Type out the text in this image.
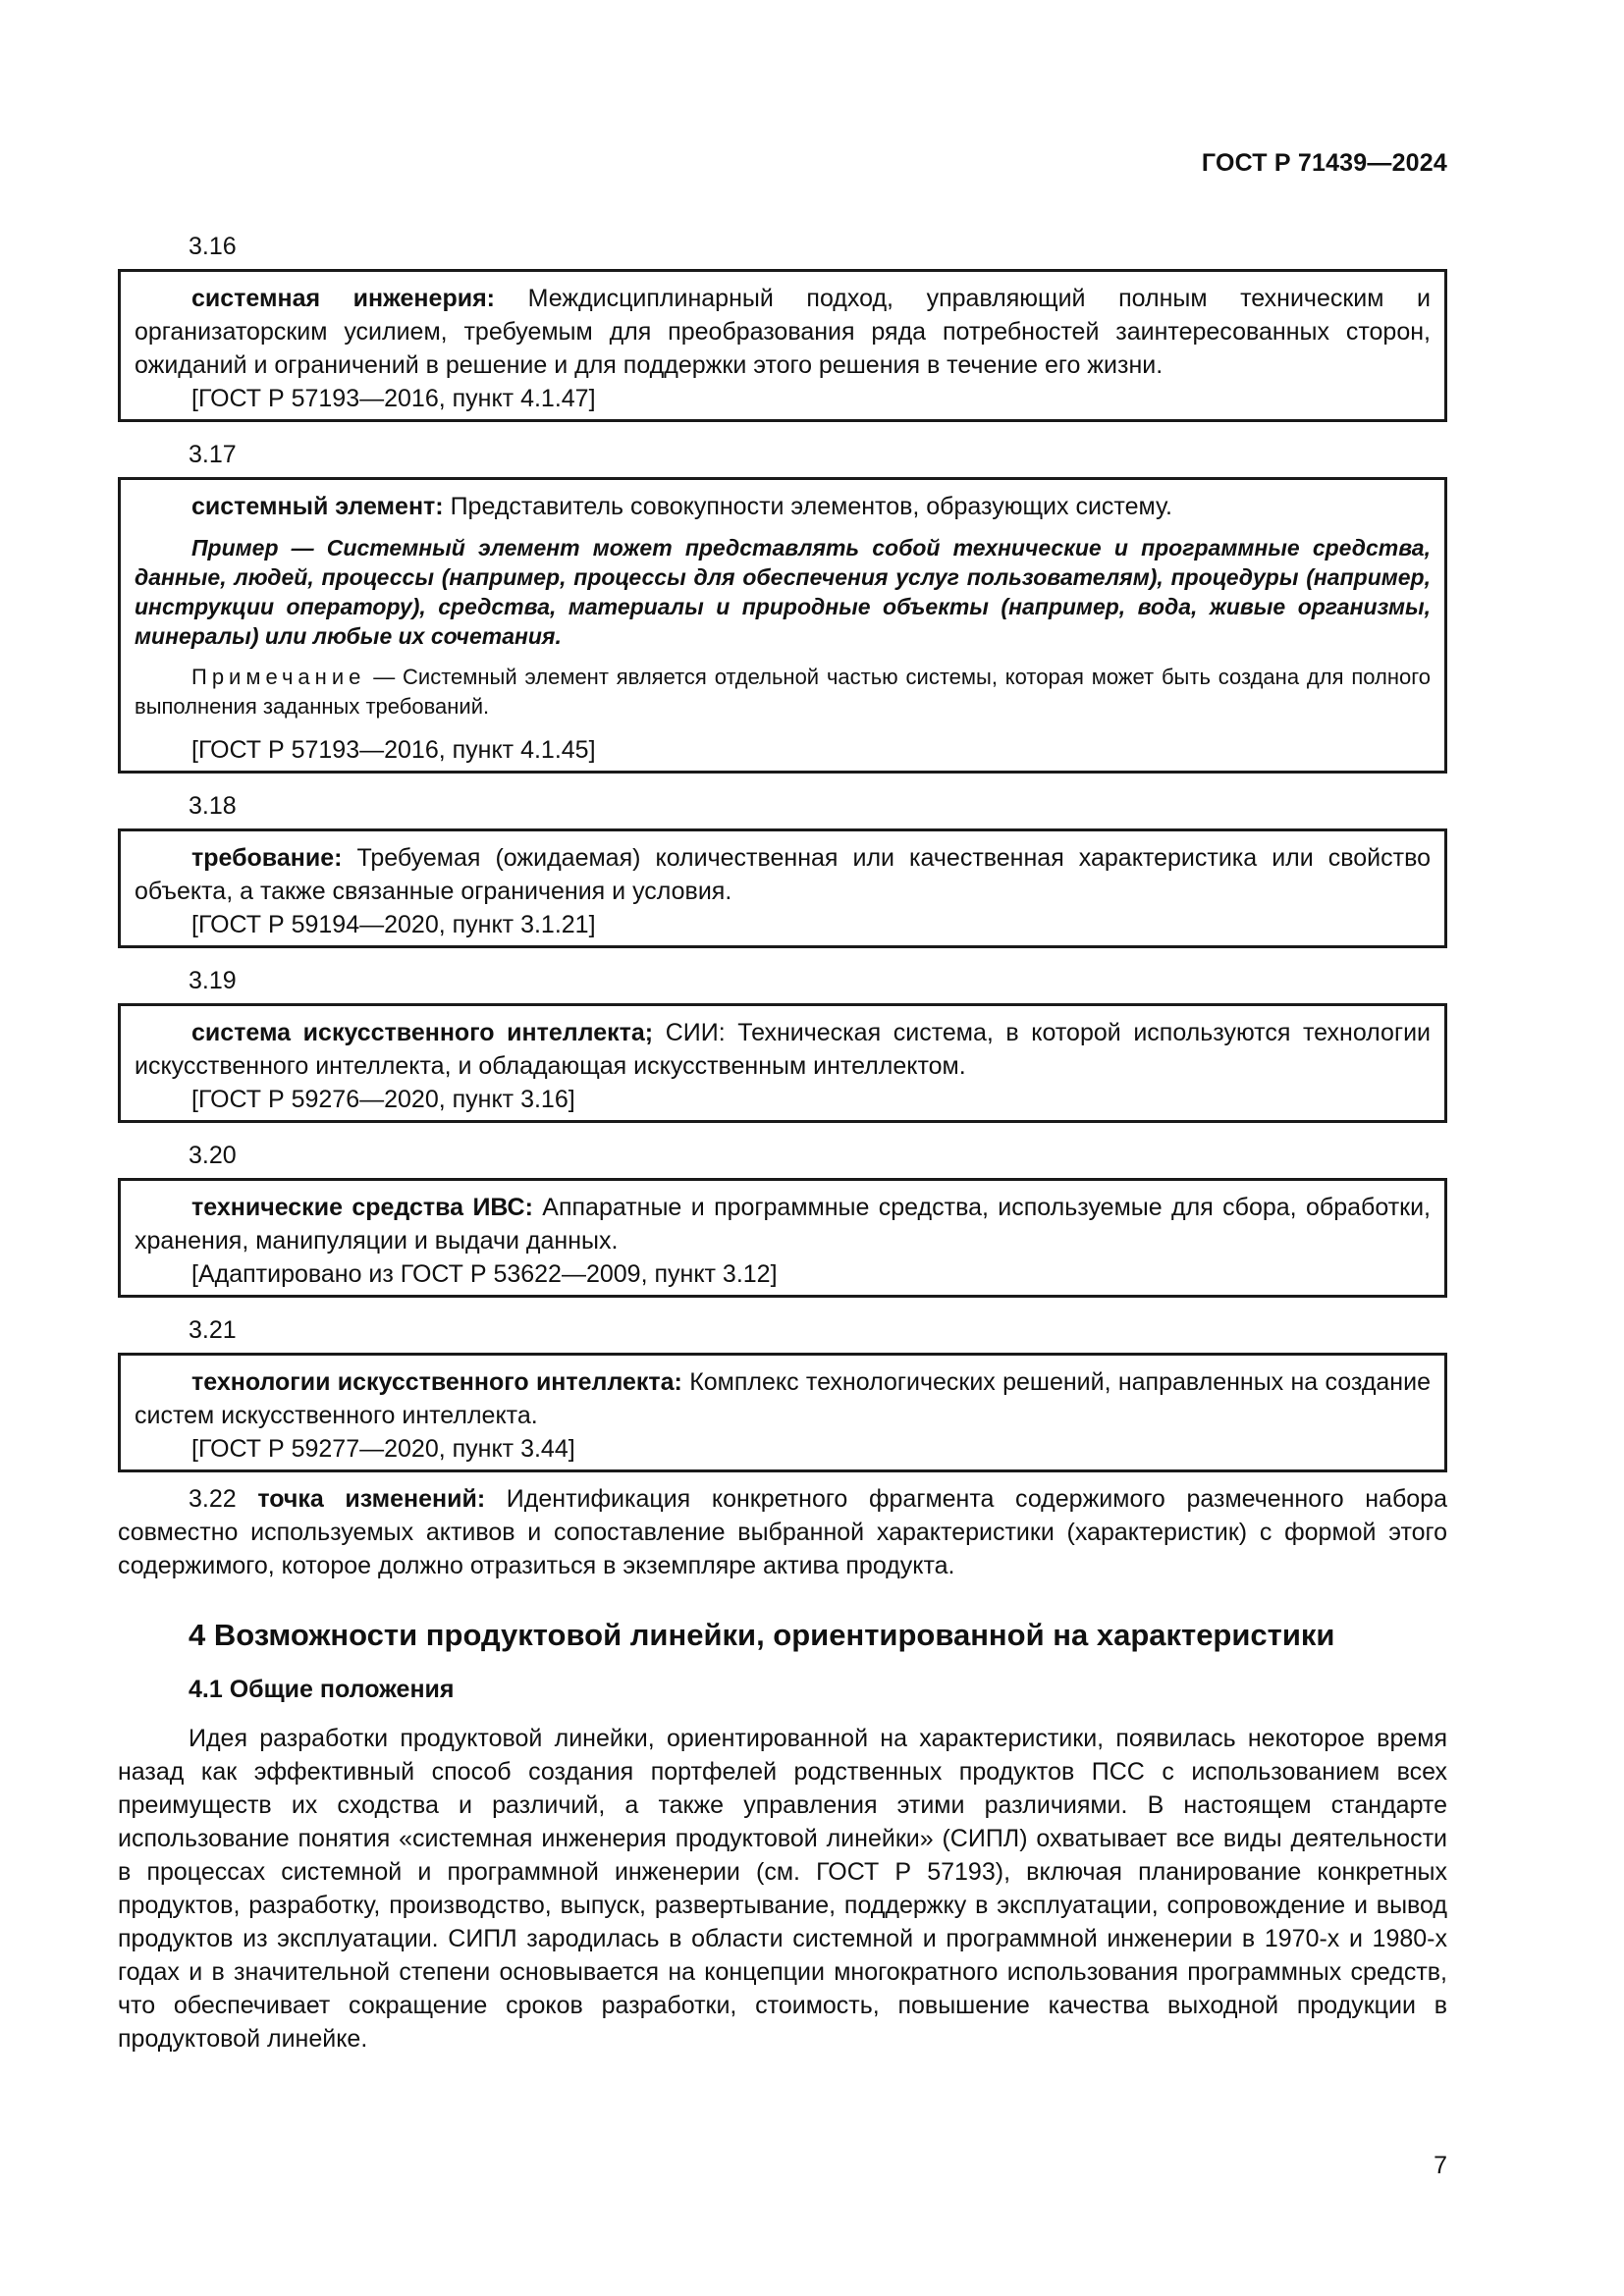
ГОСТ Р 71439—2024
3.16

системная инженерия: Междисциплинарный подход, управляющий полным техническим и организаторским усилием, требуемым для преобразования ряда потребностей заинтересованных сторон, ожиданий и ограничений в решение и для поддержки этого решения в течение его жизни.

[ГОСТ Р 57193—2016, пункт 4.1.47]

3.17

системный элемент: Представитель совокупности элементов, образующих систему.

Пример — Системный элемент может представлять собой технические и программные средства, данные, людей, процессы (например, процессы для обеспечения услуг пользователям), процедуры (например, инструкции оператору), средства, материалы и природные объекты (например, вода, живые организмы, минералы) или любые их сочетания.

Примечание — Системный элемент является отдельной частью системы, которая может быть создана для полного выполнения заданных требований.

[ГОСТ Р 57193—2016, пункт 4.1.45]

3.18

требование: Требуемая (ожидаемая) количественная или качественная характеристика или свойство объекта, а также связанные ограничения и условия.

[ГОСТ Р 59194—2020, пункт 3.1.21]

3.19

система искусственного интеллекта; СИИ: Техническая система, в которой используются технологии искусственного интеллекта, и обладающая искусственным интеллектом.

[ГОСТ Р 59276—2020, пункт 3.16]

3.20

технические средства ИВС: Аппаратные и программные средства, используемые для сбора, обработки, хранения, манипуляции и выдачи данных.

[Адаптировано из ГОСТ Р 53622—2009, пункт 3.12]

3.21

технологии искусственного интеллекта: Комплекс технологических решений, направленных на создание систем искусственного интеллекта.

[ГОСТ Р 59277—2020, пункт 3.44]

3.22 точка изменений: Идентификация конкретного фрагмента содержимого размеченного набора совместно используемых активов и сопоставление выбранной характеристики (характеристик) с формой этого содержимого, которое должно отразиться в экземпляре актива продукта.

4 Возможности продуктовой линейки, ориентированной на характеристики
4.1 Общие положения

Идея разработки продуктовой линейки, ориентированной на характеристики, появилась некоторое время назад как эффективный способ создания портфелей родственных продуктов ПСС с использованием всех преимуществ их сходства и различий, а также управления этими различиями. В настоящем стандарте использование понятия «системная инженерия продуктовой линейки» (СИПЛ) охватывает все виды деятельности в процессах системной и программной инженерии (см. ГОСТ Р 57193), включая планирование конкретных продуктов, разработку, производство, выпуск, развертывание, поддержку в эксплуатации, сопровождение и вывод продуктов из эксплуатации. СИПЛ зародилась в области системной и программной инженерии в 1970-х и 1980-х годах и в значительной степени основывается на концепции многократного использования программных средств, что обеспечивает сокращение сроков разработки, стоимость, повышение качества выходной продукции в продуктовой линейке.

7
